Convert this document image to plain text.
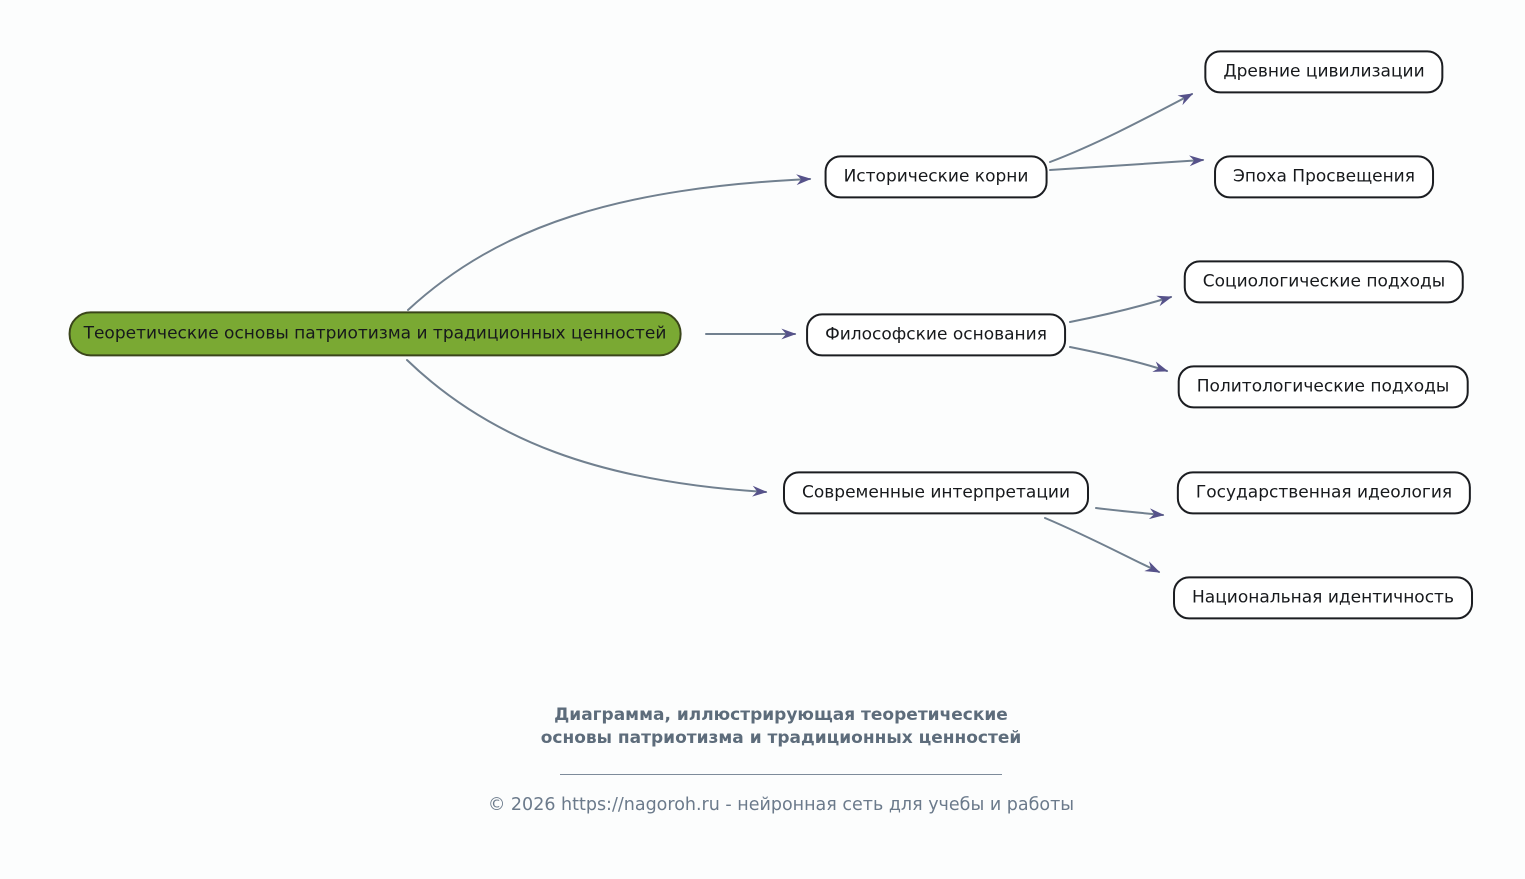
Теоретические основы патриотизма и традиционных ценностей
Исторические корни
Древние цивилизации
Эпоха Просвещения
Философские основания
Социологические подходы
Политологические подходы
Современные интерпретации	Государственная идеология
Национальная идентичность
Диаграмма, иллюстрирующая теоретические
основы патриотизма и традиционных ценностей
© 2026 https://nagoroh.ru - нейронная сеть для учебы и работы
